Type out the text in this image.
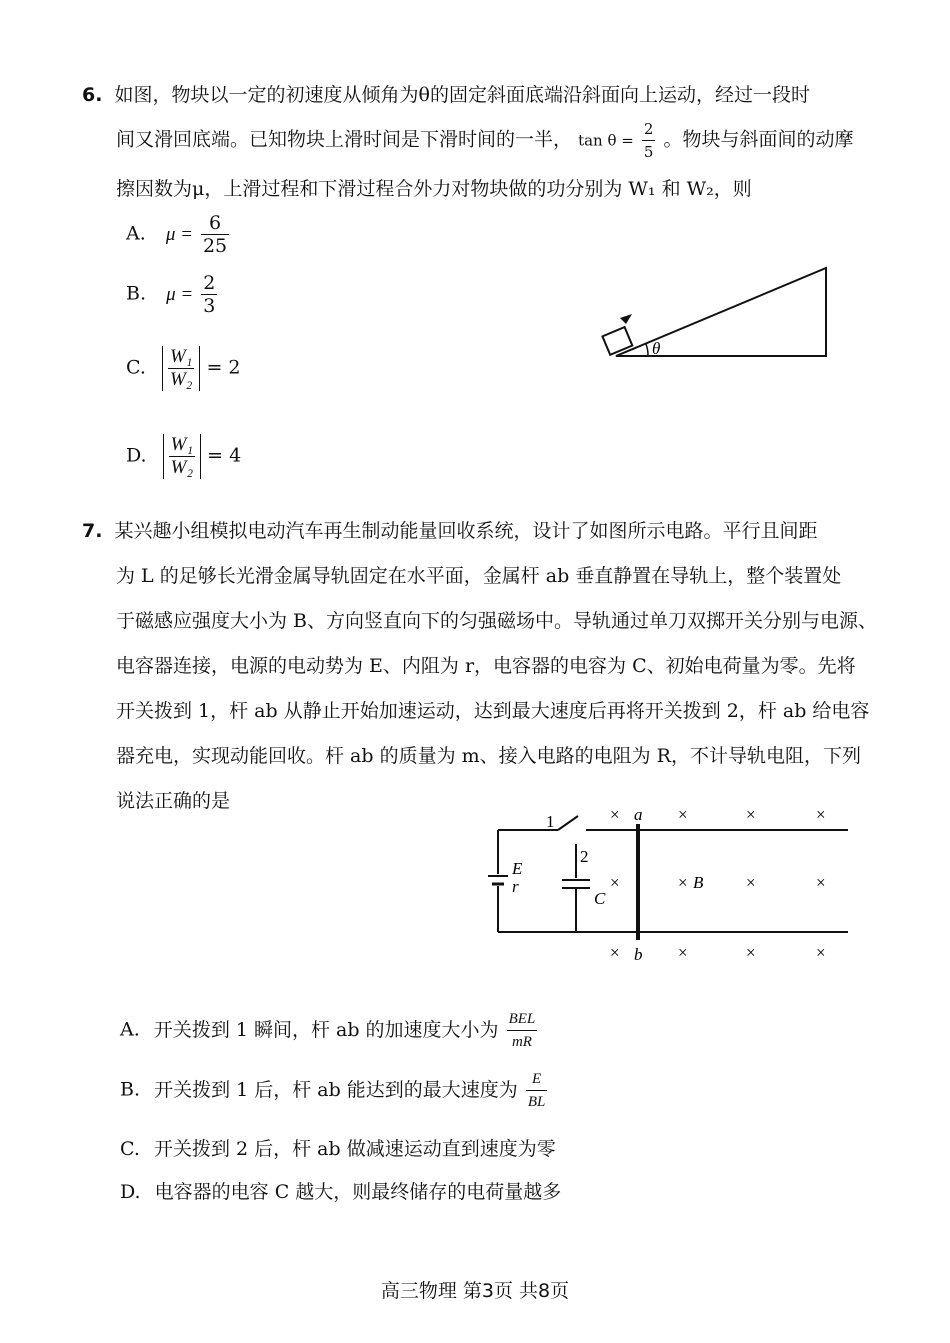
6. 如图，物块以一定的初速度从倾角为θ的固定斜面底端沿斜面向上运动，经过一段时
间又滑回底端。已知物块上滑时间是下滑时间的一半， $\tan \theta = \frac{2}{5}$ 。物块与斜面间的动摩
擦因数为μ，上滑过程和下滑过程合外力对物块做的功分别为 W₁ 和 W₂，则
A. $\mu = \frac{6}{25}$
B. $\mu = \frac{2}{3}$
C. $\frac{\text{W₁}}{\text{W₂}} = 2$
D. $\frac{\text{W₁}}{\text{W₂}} = 4$
θ
7. 某兴趣小组模拟电动汽车再生制动能量回收系统，设计了如图所示电路。平行且间距
为 L 的足够长光滑金属导轨固定在水平面，金属杆 ab 垂直静置在导轨上，整个装置处
于磁感应强度大小为 B、方向竖直向下的匀强磁场中。导轨通过单刀双掷开关分别与电源、
电容器连接，电源的电动势为 E、内阻为 r，电容器的电容为 C、初始电荷量为零。先将
开关拨到 1，杆 ab 从静止开始加速运动，达到最大速度后再将开关拨到 2，杆 ab 给电容
器充电，实现动能回收。杆 ab 的质量为 m、接入电路的电阻为 R，不计导轨电阻，下列
说法正确的是
1
E
r
2
C
a
b
×	×	×	×
×	× B	×	×
×	×	×	×
A. 开关拨到 1 瞬间，杆 ab 的加速度大小为 $\frac{\text{BEL}}{mR}$
B. 开关拨到 1 后，杆 ab 能达到的最大速度为 $\frac{E}{BL}$
C. 开关拨到 2 后，杆 ab 做减速运动直到速度为零
D. 电容器的电容 C 越大，则最终储存的电荷量越多
高三物理 第3页 共8页
